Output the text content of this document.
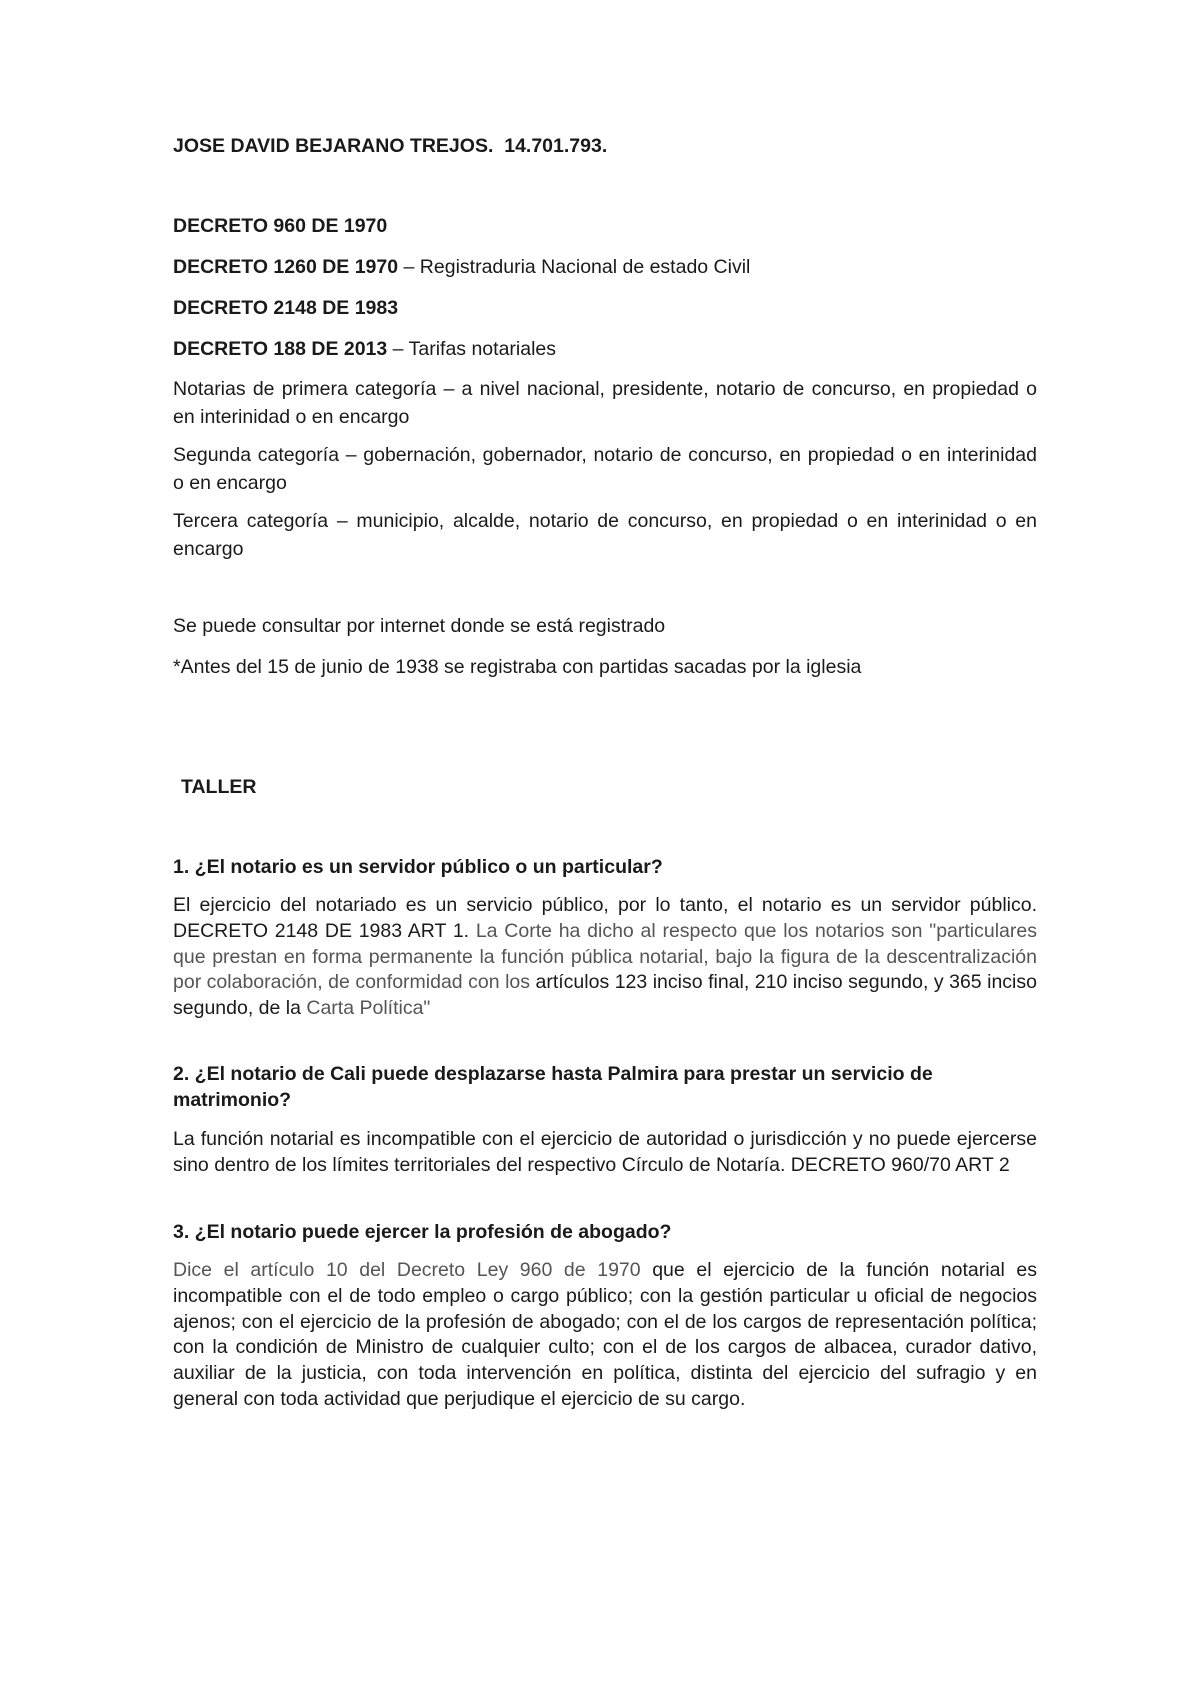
JOSE DAVID BEJARANO TREJOS. 14.701.793.
DECRETO 960 DE 1970
DECRETO 1260 DE 1970 – Registraduria Nacional de estado Civil
DECRETO 2148 DE 1983
DECRETO 188 DE 2013 – Tarifas notariales
Notarias de primera categoría – a nivel nacional, presidente, notario de concurso, en propiedad o en interinidad o en encargo
Segunda categoría – gobernación, gobernador, notario de concurso, en propiedad o en interinidad o en encargo
Tercera categoría – municipio, alcalde, notario de concurso, en propiedad o en interinidad o en encargo
Se puede consultar por internet donde se está registrado
*Antes del 15 de junio de 1938 se registraba con partidas sacadas por la iglesia
TALLER
1. ¿El notario es un servidor público o un particular?
El ejercicio del notariado es un servicio público, por lo tanto, el notario es un servidor público. DECRETO 2148 DE 1983 ART 1. La Corte ha dicho al respecto que los notarios son "particulares que prestan en forma permanente la función pública notarial, bajo la figura de la descentralización por colaboración, de conformidad con los artículos 123 inciso final, 210 inciso segundo, y 365 inciso segundo, de la Carta Política"
2. ¿El notario de Cali puede desplazarse hasta Palmira para prestar un servicio de matrimonio?
La función notarial es incompatible con el ejercicio de autoridad o jurisdicción y no puede ejercerse sino dentro de los límites territoriales del respectivo Círculo de Notaría. DECRETO 960/70 ART 2
3. ¿El notario puede ejercer la profesión de abogado?
Dice el artículo 10 del Decreto Ley 960 de 1970 que el ejercicio de la función notarial es incompatible con el de todo empleo o cargo público; con la gestión particular u oficial de negocios ajenos; con el ejercicio de la profesión de abogado; con el de los cargos de representación política; con la condición de Ministro de cualquier culto; con el de los cargos de albacea, curador dativo, auxiliar de la justicia, con toda intervención en política, distinta del ejercicio del sufragio y en general con toda actividad que perjudique el ejercicio de su cargo.
